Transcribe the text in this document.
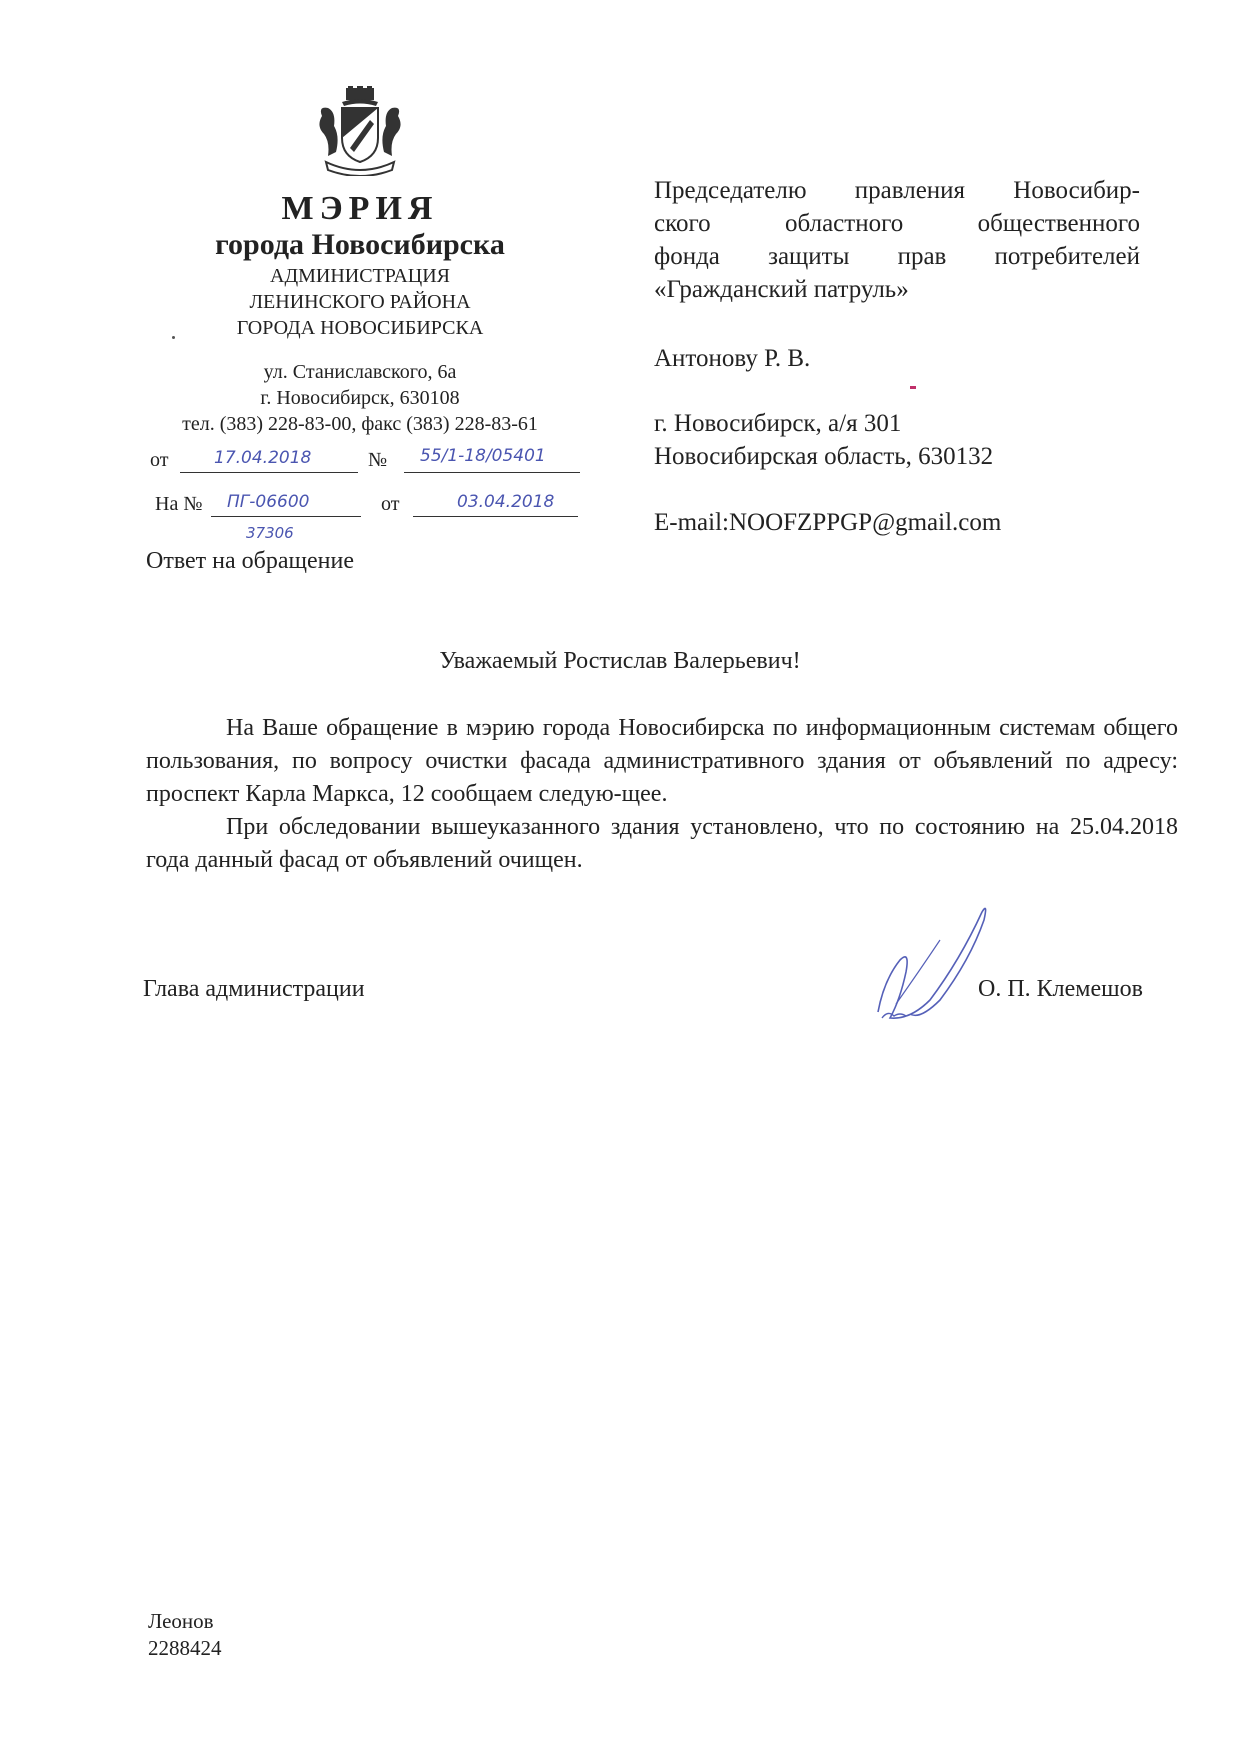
МЭРИЯ
города Новосибирска
АДМИНИСТРАЦИЯ
ЛЕНИНСКОГО РАЙОНА
ГОРОДА НОВОСИБИРСКА
ул. Станиславского, 6а
г. Новосибирск, 630108
тел. (383) 228-83-00, факс (383) 228-83-61
от	17.04.2018	№ 55/1-18/05401
На № ПГ-06600	от	03.04.2018
37306
Ответ на обращение
Председателю правления Новосибир-
ского областного общественного
фонда защиты прав потребителей
«Гражданский патруль»
Антонову Р. В.
г. Новосибирск, а/я 301
Новосибирская область, 630132
E-mail:NOOFZPPGP@gmail.com
Уважаемый Ростислав Валерьевич!

На Ваше обращение в мэрию города Новосибирска по информационным системам общего пользования, по вопросу очистки фасада административного здания от объявлений по адресу: проспект Карла Маркса, 12 сообщаем следую-щее.

При обследовании вышеуказанного здания установлено, что по состоянию на 25.04.2018 года данный фасад от объявлений очищен.

Глава администрации	О. П. Клемешов
Леонов
2288424
